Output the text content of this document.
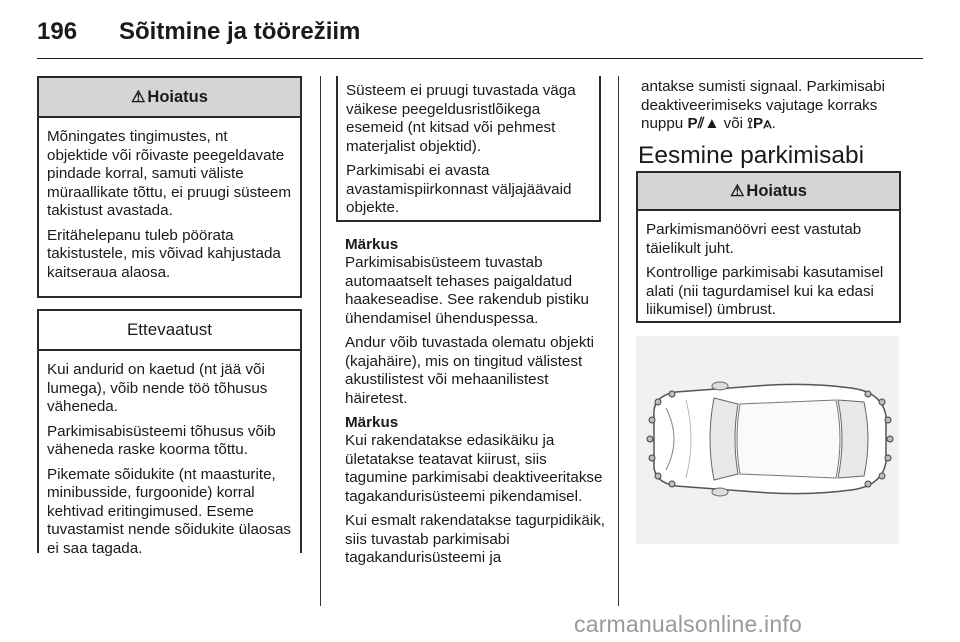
196 Sõitmine ja töörežiim
⚠ Hoiatus
Mõningates tingimustes, nt objektide või rõivaste peegeldavate pindade korral, samuti väliste müraallikate tõttu, ei pruugi süsteem takistust avastada.
Eritähelepanu tuleb pöörata takistustele, mis võivad kahjustada kaitseraua alaosa.
Ettevaatust
Kui andurid on kaetud (nt jää või lumega), võib nende töö tõhusus väheneda.
Parkimisabisüsteemi tõhusus võib väheneda raske koorma tõttu.
Pikemate sõidukite (nt maasturite, minibusside, furgoonide) korral kehtivad eritingimused. Eseme tuvastamist nende sõidukite ülaosas ei saa tagada.
Süsteem ei pruugi tuvastada väga väikese peegeldusristlõikega esemeid (nt kitsad või pehmest materjalist objektid).
Parkimisabi ei avasta avastamispiirkonnast väljajäävaid objekte.
Märkus
Parkimisabisüsteem tuvastab automaatselt tehases paigaldatud haakeseadise. See rakendub pistiku ühendamisel ühenduspessa.
Andur võib tuvastada olematu objekti (kajahäire), mis on tingitud välistest akustilistest või mehaanilistest häiretest.
Märkus
Kui rakendatakse edasikäiku ja ületatakse teatavat kiirust, siis tagumine parkimisabi deaktiveeritakse tagakandurisüsteemi pikendamisel.
Kui esmalt rakendatakse tagurpidikäik, siis tuvastab parkimisabi tagakandurisüsteemi ja
antakse sumisti signaal. Parkimisabi deaktiveerimiseks vajutage korraks nuppu P⫽▲ või ⟟P⟑.
Eesmine parkimisabi
⚠ Hoiatus
Parkimismanöövri eest vastutab täielikult juht.
Kontrollige parkimisabi kasutamisel alati (nii tagurdamisel kui ka edasi liikumisel) ümbrust.
carmanualsonline.info
